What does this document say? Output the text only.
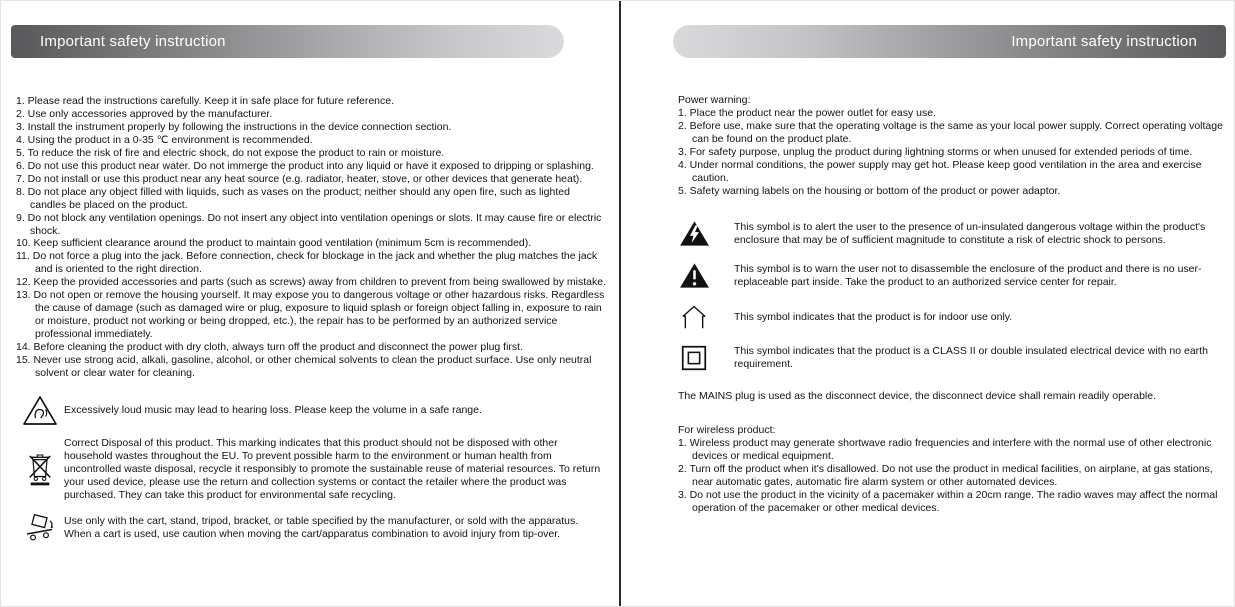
Important safety instruction
1. Please read the instructions carefully. Keep it in safe place for future reference.
2. Use only accessories approved by the manufacturer.
3. Install the instrument properly by following the instructions in the device connection section.
4. Using the product in a 0-35 ℃ environment is recommended.
5. To reduce the risk of fire and electric shock, do not expose the product to rain or moisture.
6. Do not use this product near water. Do not immerge the product into any liquid or have it exposed to dripping or splashing.
7. Do not install or use this product near any heat source (e.g. radiator, heater, stove, or other devices that generate heat).
8. Do not place any object filled with liquids, such as vases on the product; neither should any open fire, such as lighted candles be placed on the product.
9. Do not block any ventilation openings. Do not insert any object into ventilation openings or slots. It may cause fire or electric shock.
10. Keep sufficient clearance around the product to maintain good ventilation (minimum 5cm is recommended).
11. Do not force a plug into the jack. Before connection, check for blockage in the jack and whether the plug matches the jack and is oriented to the right direction.
12. Keep the provided accessories and parts (such as screws) away from children to prevent from being swallowed by mistake.
13. Do not open or remove the housing yourself. It may expose you to dangerous voltage or other hazardous risks. Regardless the cause of damage (such as damaged wire or plug, exposure to liquid splash or foreign object falling in, exposure to rain or moisture, product not working or being dropped, etc.), the repair has to be performed by an authorized service professional immediately.
14. Before cleaning the product with dry cloth, always turn off the product and disconnect the power plug first.
15. Never use strong acid, alkali, gasoline, alcohol, or other chemical solvents to clean the product surface. Use only neutral solvent or clear water for cleaning.

Excessively loud music may lead to hearing loss. Please keep the volume in a safe range.

Correct Disposal of this product. This marking indicates that this product should not be disposed with other household wastes throughout the EU. To prevent possible harm to the environment or human health from uncontrolled waste disposal, recycle it responsibly to promote the sustainable reuse of material resources. To return your used device, please use the return and collection systems or contact the retailer where the product was purchased. They can take this product for environmental safe recycling.

Use only with the cart, stand, tripod, bracket, or table specified by the manufacturer, or sold with the apparatus. When a cart is used, use caution when moving the cart/apparatus combination to avoid injury from tip-over.

Important safety instruction
Power warning:
1. Place the product near the power outlet for easy use.
2. Before use, make sure that the operating voltage is the same as your local power supply. Correct operating voltage can be found on the product plate.
3. For safety purpose, unplug the product during lightning storms or when unused for extended periods of time.
4. Under normal conditions, the power supply may get hot. Please keep good ventilation in the area and exercise caution.
5. Safety warning labels on the housing or bottom of the product or power adaptor.

This symbol is to alert the user to the presence of un-insulated dangerous voltage within the product's enclosure that may be of sufficient magnitude to constitute a risk of electric shock to persons.

This symbol is to warn the user not to disassemble the enclosure of the product and there is no user-replaceable part inside. Take the product to an authorized service center for repair.

This symbol indicates that the product is for indoor use only.

This symbol indicates that the product is a CLASS II or double insulated electrical device with no earth requirement.

The MAINS plug is used as the disconnect device, the disconnect device shall remain readily operable.
For wireless product:
1. Wireless product may generate shortwave radio frequencies and interfere with the normal use of other electronic devices or medical equipment.
2. Turn off the product when it's disallowed. Do not use the product in medical facilities, on airplane, at gas stations, near automatic gates, automatic fire alarm system or other automated devices.
3. Do not use the product in the vicinity of a pacemaker within a 20cm range. The radio waves may affect the normal operation of the pacemaker or other medical devices.
